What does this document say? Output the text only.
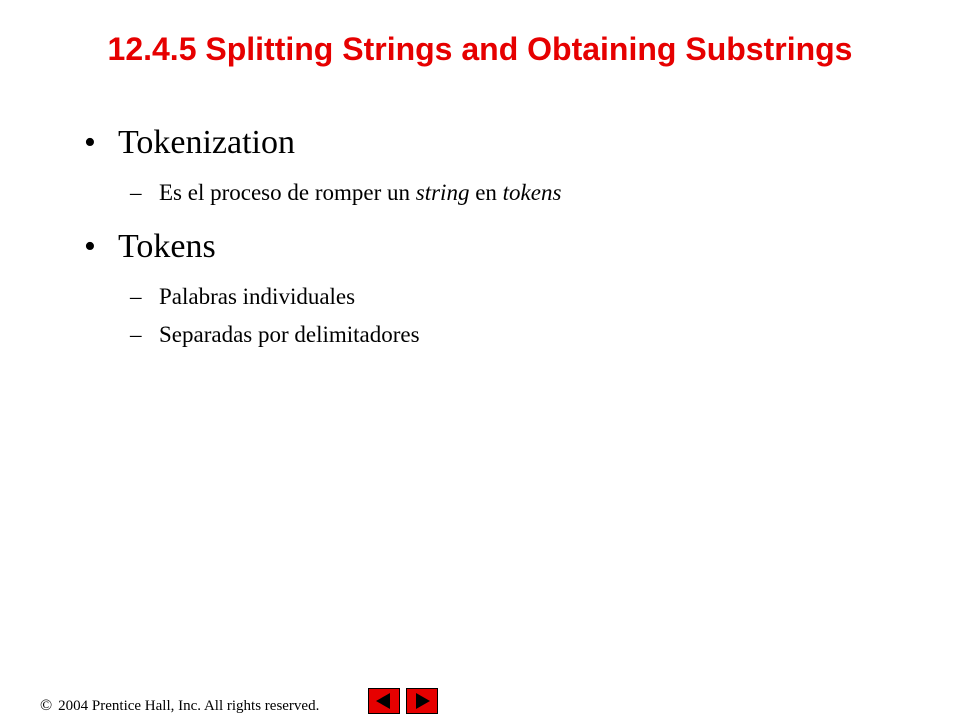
12.4.5 Splitting Strings and Obtaining Substrings
• Tokenization
– Es el proceso de romper un string en tokens
• Tokens
– Palabras individuales
– Separadas por delimitadores
© 2004 Prentice Hall, Inc. All rights reserved.
